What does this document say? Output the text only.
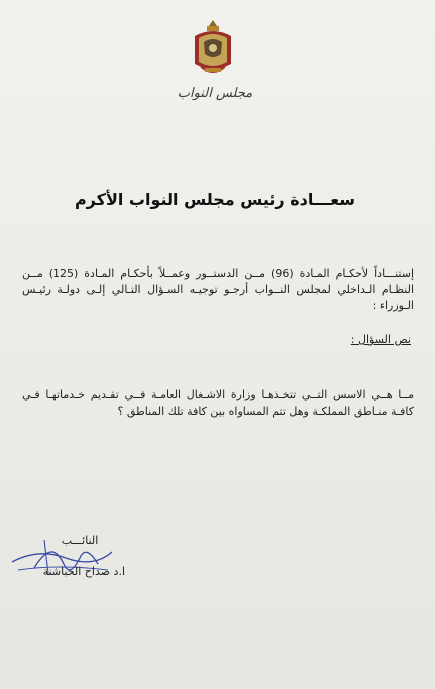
مجلس النواب
سعـــادة رئيس مجلس النواب الأكرم
إستنـــاداً لأحكـام المـادة (96) مــن الدستــور وعمــلاً بأحكـام المـادة (125) مــن النظـام الـداخلي لمجلس النــواب أرجـو توجيـه السـؤال التـالي إلـى دولـة رئيـس الـوزراء :
نص السؤال :
مــا هــي الاسس التــي تتخـذهـا وزارة الاشـغال العامـة فــي تقـديم خـدماتهـا فـي كافـة منـاطق المملكـة وهل تتم المساواه بين كافة تلك المناطق ؟
النائـــب
ا.د صداح الحباشنة
